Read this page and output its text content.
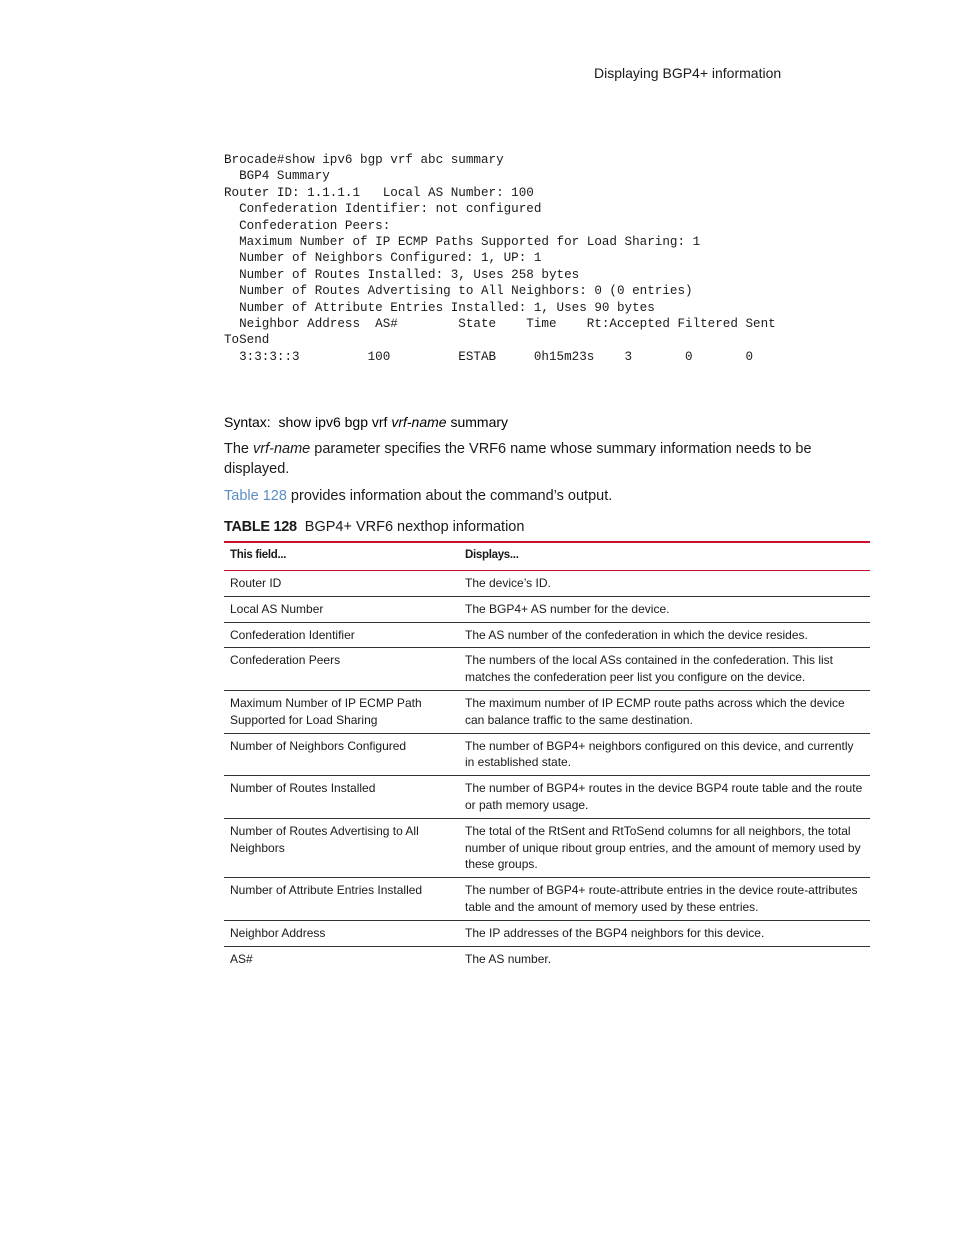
Displaying BGP4+ information
Brocade#show ipv6 bgp vrf abc summary
BGP4 Summary
Router ID: 1.1.1.1   Local AS Number: 100
Confederation Identifier: not configured
Confederation Peers:
Maximum Number of IP ECMP Paths Supported for Load Sharing: 1
Number of Neighbors Configured: 1, UP: 1
Number of Routes Installed: 3, Uses 258 bytes
Number of Routes Advertising to All Neighbors: 0 (0 entries)
Number of Attribute Entries Installed: 1, Uses 90 bytes
Neighbor Address  AS#        State    Time    Rt:Accepted Filtered Sent
ToSend
3:3:3::3         100         ESTAB     0h15m23s    3       0       0
Syntax: show ipv6 bgp vrf vrf-name summary
The vrf-name parameter specifies the VRF6 name whose summary information needs to be displayed.
Table 128 provides information about the command’s output.
TABLE 128 BGP4+ VRF6 nexthop information
This field...	Displays...
Router ID	The device’s ID.
Local AS Number	The BGP4+ AS number for the device.
Confederation Identifier	The AS number of the confederation in which the device resides.
Confederation Peers	The numbers of the local ASs contained in the confederation. This list matches the confederation peer list you configure on the device.
Maximum Number of IP ECMP Path Supported for Load Sharing	The maximum number of IP ECMP route paths across which the device can balance traffic to the same destination.
Number of Neighbors Configured	The number of BGP4+ neighbors configured on this device, and currently in established state.
Number of Routes Installed	The number of BGP4+ routes in the device BGP4 route table and the route or path memory usage.
Number of Routes Advertising to All Neighbors	The total of the RtSent and RtToSend columns for all neighbors, the total number of unique ribout group entries, and the amount of memory used by these groups.
Number of Attribute Entries Installed	The number of BGP4+ route-attribute entries in the device route-attributes table and the amount of memory used by these entries.
Neighbor Address	The IP addresses of the BGP4 neighbors for this device.
AS#	The AS number.
